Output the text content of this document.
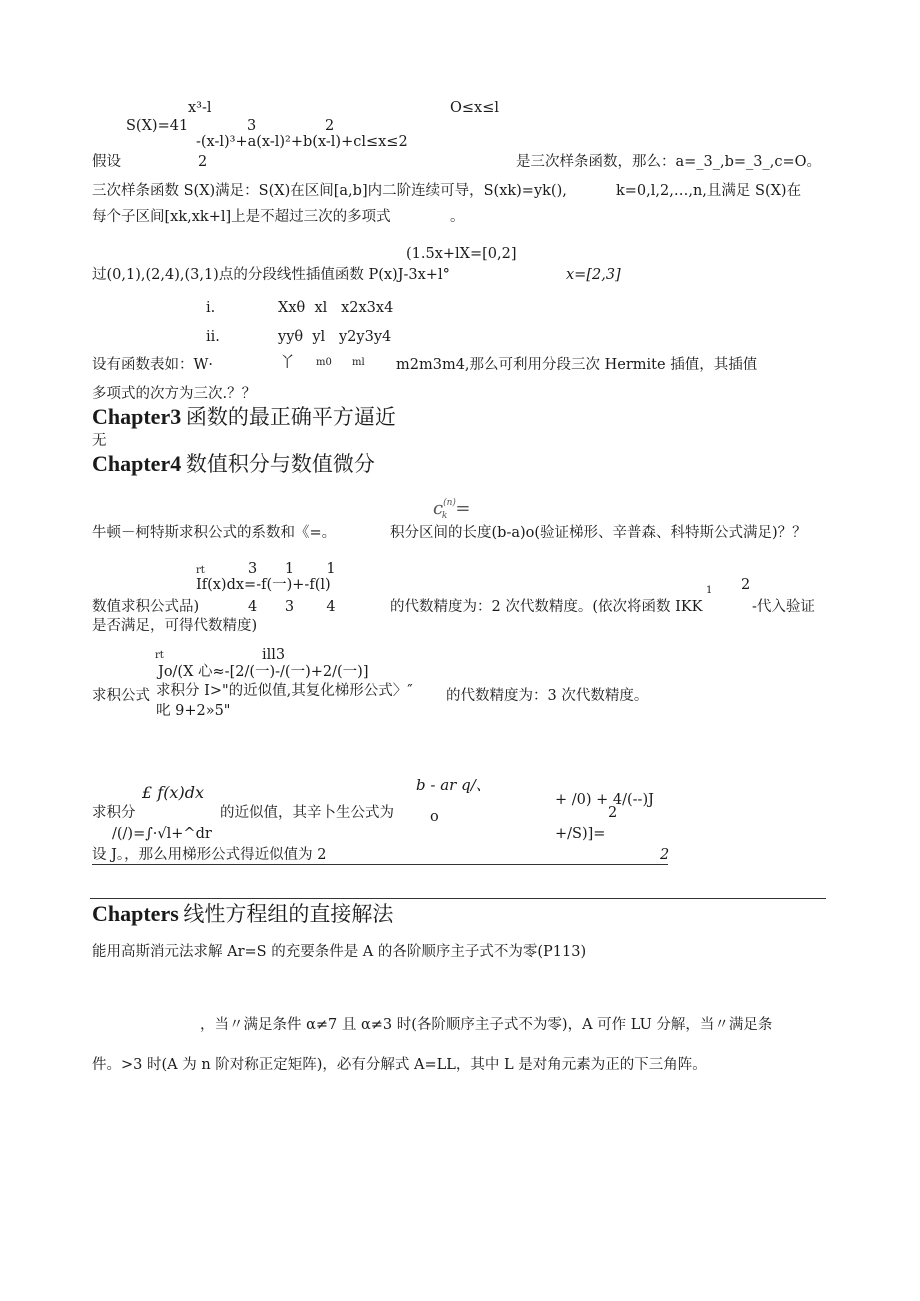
x³-l	O≤x≤l
S(X)=41	3	2
-(x-l)³+a(x-l)²+b(x-l)+cl≤x≤2
假设	2	是三次样条函数，那么：a=_3_,b=_3_,c=O。
三次样条函数 S(X)满足：S(X)在区间[a,b]内二阶连续可导，S(xk)=yk(),	k=0,l,2,…,n,且满足 S(X)在
每个子区间[xk,xk+l]上是不超过三次的多项式	。
(1.5x+lX=[0,2]
过(0,1),(2,4),(3,1)点的分段线性插值函数 P(x)J-3x+l°	x=[2,3]
i.	Xxθ  xl   x2x3x4
ii.	yyθ  yl   y2y3y4
设有函数表如：W·	丫 m0 ml m2m3m4,那么可利用分段三次 Hermite 插值，其插值
多项式的次方为三次.？？
Chapter3 函数的最正确平方逼近
无
Chapter4 数值积分与数值微分
$c^{(n)}_k$ =
牛顿－柯特斯求积公式的系数和《=。	积分区间的长度(b-a)o(验证梯形、辛普森、科特斯公式满足)？？
rt	3      1       1
If(x)dx=-f(一)+-f(l)	1 2
数值求积公式品)	4      3       4	的代数精度为：2 次代数精度。(依次将函数 IKK	-代入验证
是否满足，可得代数精度)
rt	ill3
Jo/(X 心≈-[2/(一)-/(一)+2/(一)]
求积公式 求积分 I>"的近似值,其复化梯形公式〉″ 的代数精度为：3 次代数精度。
叱 9+2»5"
£ f(x)dx	b - ar q/、
+ /0) + 4/(--)J
求积分	的近似值，其辛卜生公式为 o	2
/(/)=∫·√l+^dr	+/S)]=
设 J。，那么用梯形公式得近似值为 2	2
Chapters 线性方程组的直接解法
能用高斯消元法求解 Ar=S 的充要条件是 A 的各阶顺序主子式不为零(P113)
，当〃满足条件 α≠7 且 α≠3 时(各阶顺序主子式不为零)，A 可作 LU 分解，当〃满足条
件。>3 时(A 为 n 阶对称正定矩阵)，必有分解式 A=LL，其中 L 是对角元素为正的下三角阵。
